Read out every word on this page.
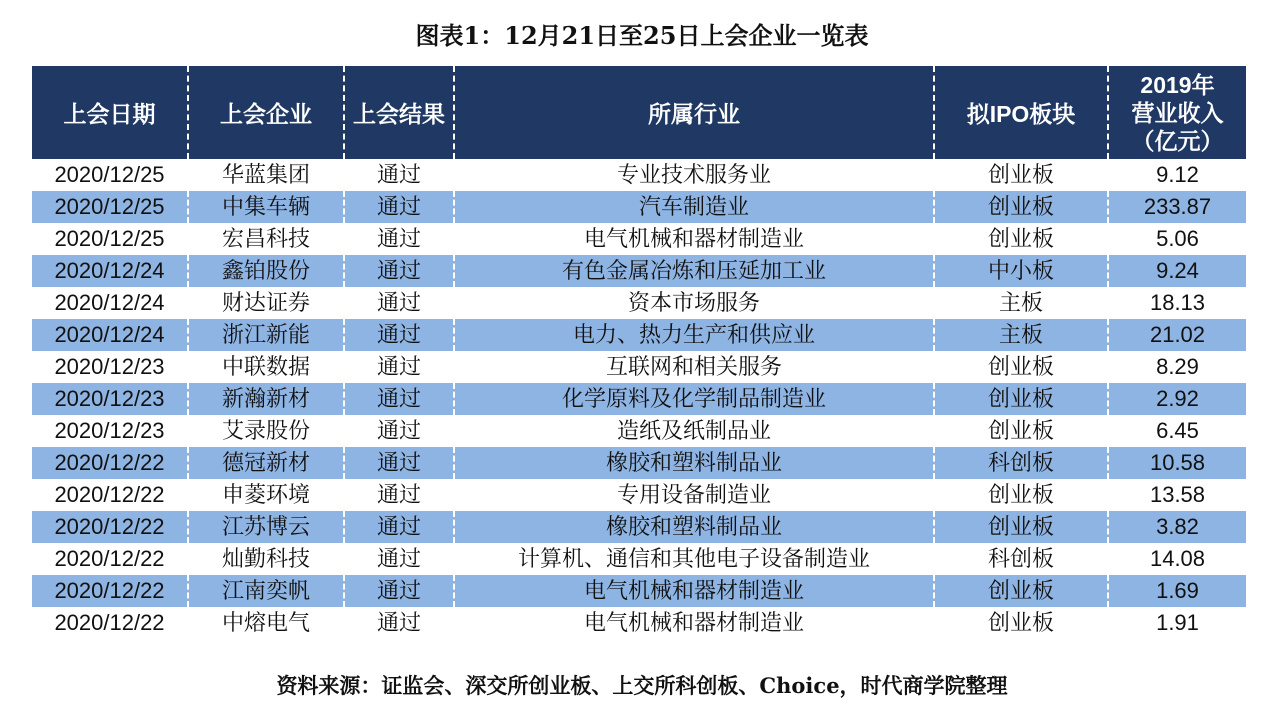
图表1：12月21日至25日上会企业一览表
上会日期	上会企业	上会结果	所属行业	拟IPO板块	2019年
营业收入
（亿元）

2020/12/25	华蓝集团	通过	专业技术服务业	创业板	9.12
2020/12/25	中集车辆	通过	汽车制造业	创业板	233.87
2020/12/25	宏昌科技	通过	电气机械和器材制造业	创业板	5.06
2020/12/24	鑫铂股份	通过	有色金属冶炼和压延加工业	中小板	9.24
2020/12/24	财达证券	通过	资本市场服务	主板	18.13
2020/12/24	浙江新能	通过	电力、热力生产和供应业	主板	21.02
2020/12/23	中联数据	通过	互联网和相关服务	创业板	8.29
2020/12/23	新瀚新材	通过	化学原料及化学制品制造业	创业板	2.92
2020/12/23	艾录股份	通过	造纸及纸制品业	创业板	6.45
2020/12/22	德冠新材	通过	橡胶和塑料制品业	科创板	10.58
2020/12/22	申菱环境	通过	专用设备制造业	创业板	13.58
2020/12/22	江苏博云	通过	橡胶和塑料制品业	创业板	3.82
2020/12/22	灿勤科技	通过	计算机、通信和其他电子设备制造业	科创板	14.08
2020/12/22	江南奕帆	通过	电气机械和器材制造业	创业板	1.69
2020/12/22	中熔电气	通过	电气机械和器材制造业	创业板	1.91
资料来源：证监会、深交所创业板、上交所科创板、Choice，时代商学院整理
